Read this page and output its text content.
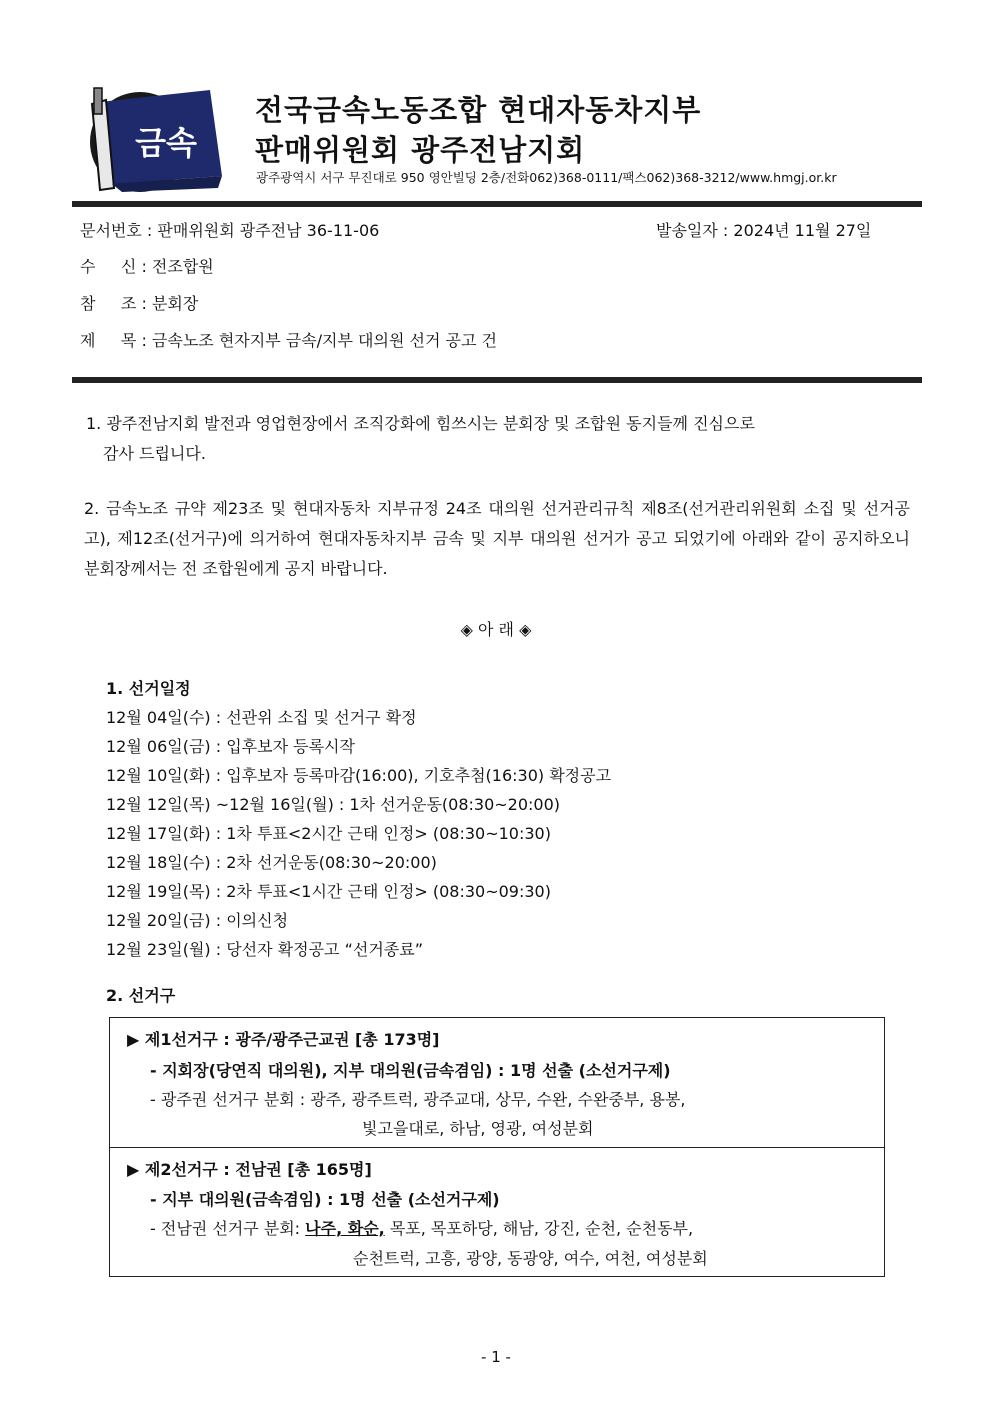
금속
전국금속노동조합 현대자동차지부
판매위원회 광주전남지회
광주광역시 서구 무진대로 950 영안빌딩 2층/전화062)368-0111/팩스062)368-3212/www.hmgj.or.kr
문서번호 : 판매위원회 광주전남 36-11-06	발송일자 : 2024년 11월 27일
수     신 : 전조합원
참     조 : 분회장
제     목 : 금속노조 현자지부 금속/지부 대의원 선거 공고 건
1. 광주전남지회 발전과 영업현장에서 조직강화에 힘쓰시는 분회장 및 조합원 동지들께 진심으로
감사 드립니다.
2. 금속노조 규약 제23조 및 현대자동차 지부규정 24조 대의원 선거관리규칙 제8조(선거관리위원회 소집 및 선거공고), 제12조(선거구)에 의거하여 현대자동차지부 금속 및 지부 대의원 선거가 공고 되었기에 아래와 같이 공지하오니 분회장께서는 전 조합원에게 공지 바랍니다.
◈ 아 래 ◈
1. 선거일정
12월 04일(수) : 선관위 소집 및 선거구 확정
12월 06일(금) : 입후보자 등록시작
12월 10일(화) : 입후보자 등록마감(16:00), 기호추첨(16:30) 확정공고
12월 12일(목) ~12월 16일(월) : 1차 선거운동(08:30~20:00)
12월 17일(화) : 1차 투표<2시간 근태 인정> (08:30~10:30)
12월 18일(수) : 2차 선거운동(08:30~20:00)
12월 19일(목) : 2차 투표<1시간 근태 인정> (08:30~09:30)
12월 20일(금) : 이의신청
12월 23일(월) : 당선자 확정공고 “선거종료”
2. 선거구
▶ 제1선거구 : 광주/광주근교권 [총 173명]
- 지회장(당연직 대의원), 지부 대의원(금속겸임) : 1명 선출 (소선거구제)
- 광주권 선거구 분회 : 광주, 광주트럭, 광주교대, 상무, 수완, 수완중부, 용봉,
빛고을대로, 하남, 영광, 여성분회
▶ 제2선거구 : 전남권 [총 165명]
- 지부 대의원(금속겸임) : 1명 선출 (소선거구제)
- 전남권 선거구 분회: 나주, 화순, 목포, 목포하당, 해남, 강진, 순천, 순천동부,
순천트럭, 고흥, 광양, 동광양, 여수, 여천, 여성분회
- 1 -
